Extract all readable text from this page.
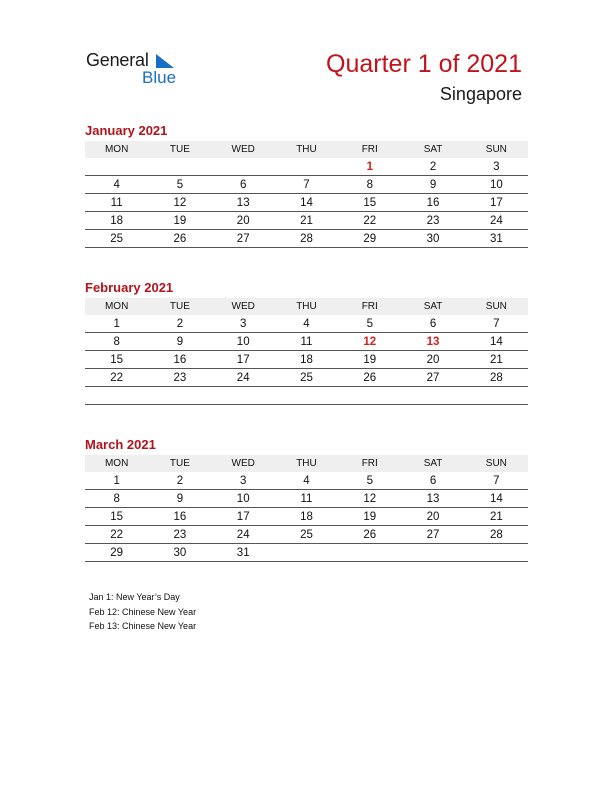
General
Blue	Quarter 1 of 2021
Singapore
January 2021
MON	TUE	WED	THU	FRI	SAT	SUN
				1	2	3
4	5	6	7	8	9	10
11	12	13	14	15	16	17
18	19	20	21	22	23	24
25	26	27	28	29	30	31
February 2021
MON	TUE	WED	THU	FRI	SAT	SUN
1	2	3	4	5	6	7
8	9	10	11	12	13	14
15	16	17	18	19	20	21
22	23	24	25	26	27	28

March 2021
MON	TUE	WED	THU	FRI	SAT	SUN
1	2	3	4	5	6	7
8	9	10	11	12	13	14
15	16	17	18	19	20	21
22	23	24	25	26	27	28
29	30	31				
Jan 1: New Year’s Day
Feb 12: Chinese New Year
Feb 13: Chinese New Year
